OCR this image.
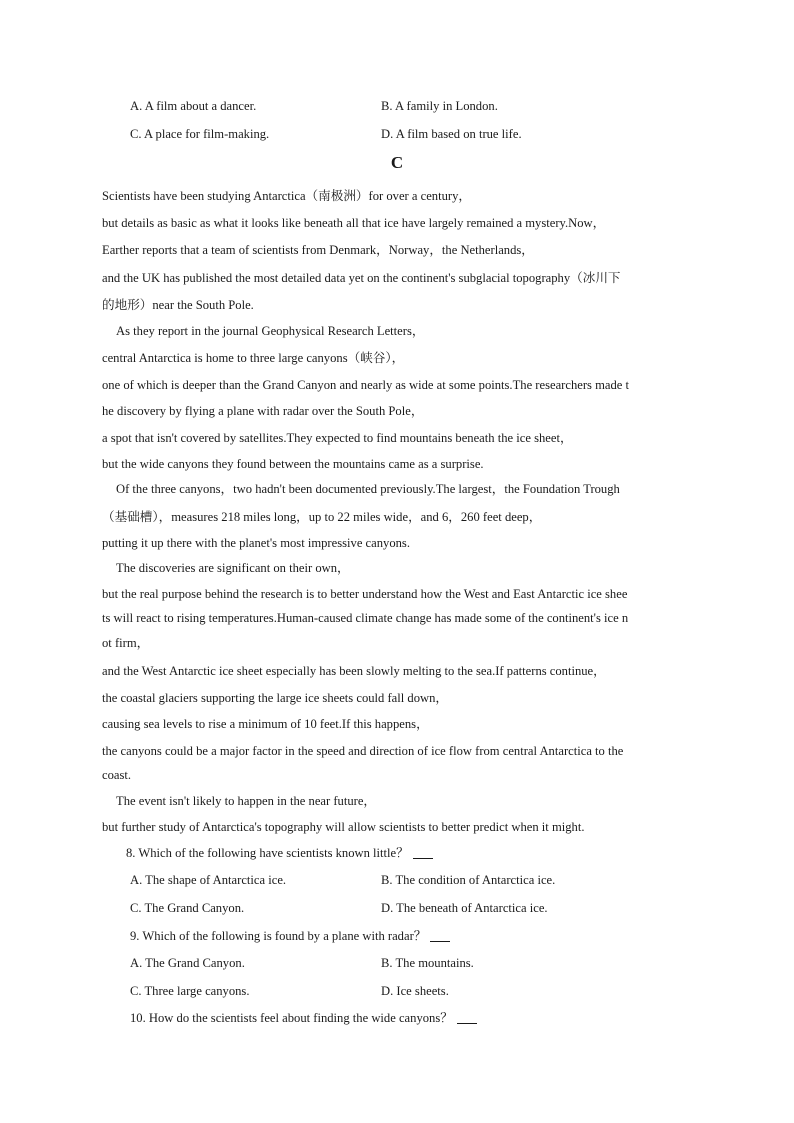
A. A film about a dancer.	B. A family in London.
C. A place for film-making.	D. A film based on true life.
C
Scientists have been studying Antarctica（南极洲）for over a century，
but details as basic as what it looks like beneath all that ice have largely remained a mystery.Now，
Earther reports that a team of scientists from Denmark，Norway，the Netherlands，
and the UK has published the most detailed data yet on the continent's subglacial topography（冰川下
的地形）near the South Pole.
As they report in the journal Geophysical Research Letters，
central Antarctica is home to three large canyons（峡谷），
one of which is deeper than the Grand Canyon and nearly as wide at some points.The researchers made t
he discovery by flying a plane with radar over the South Pole，
a spot that isn't covered by satellites.They expected to find mountains beneath the ice sheet，
but the wide canyons they found between the mountains came as a surprise.
Of the three canyons，two hadn't been documented previously.The largest，the Foundation Trough
（基础槽），measures 218 miles long，up to 22 miles wide，and 6，260 feet deep，
putting it up there with the planet's most impressive canyons.
The discoveries are significant on their own，
but the real purpose behind the research is to better understand how the West and East Antarctic ice shee
ts will react to rising temperatures.Human-caused climate change has made some of the continent's ice n
ot firm，
and the West Antarctic ice sheet especially has been slowly melting to the sea.If patterns continue，
the coastal glaciers supporting the large ice sheets could fall down，
causing sea levels to rise a minimum of 10 feet.If this happens，
the canyons could be a major factor in the speed and direction of ice flow from central Antarctica to the
coast.
The event isn't likely to happen in the near future，
but further study of Antarctica's topography will allow scientists to better predict when it might.
8. Which of the following have scientists known little？
A. The shape of Antarctica ice.	B. The condition of Antarctica ice.
C. The Grand Canyon.	D. The beneath of Antarctica ice.
9. Which of the following is found by a plane with radar？
A. The Grand Canyon.	B. The mountains.
C. Three large canyons.	D. Ice sheets.
10. How do the scientists feel about finding the wide canyons？
